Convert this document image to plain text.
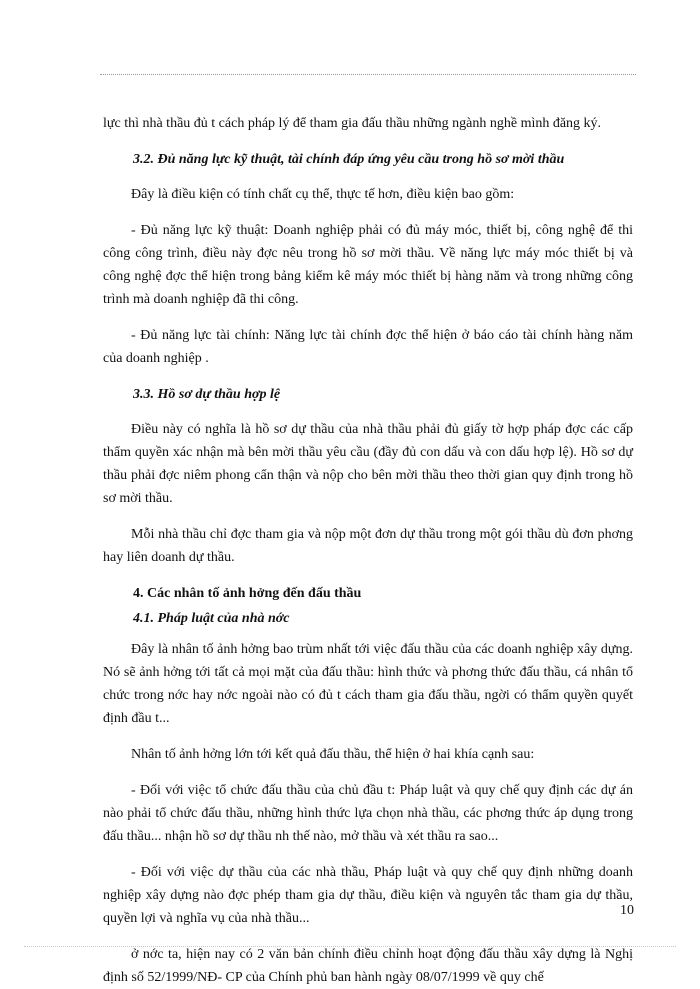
lực thì nhà thầu đủ t cách pháp lý để tham gia đấu thầu những ngành nghề mình đăng ký.

3.2. Đủ năng lực kỹ thuật, tài chính đáp ứng yêu cầu trong hồ sơ mời thầu

Đây là điều kiện có tính chất cụ thể, thực tế hơn, điều kiện bao gồm:

- Đủ năng lực kỹ thuật: Doanh nghiệp phải có đủ máy móc, thiết bị, công nghệ để thi công công trình, điều này đợc nêu trong hồ sơ mời thầu. Về năng lực máy móc thiết bị và công nghệ đợc thể hiện trong bảng kiểm kê máy móc thiết bị hàng năm và trong những công trình mà doanh nghiệp đã thi công.

- Đủ năng lực tài chính: Năng lực tài chính đợc thể hiện ở báo cáo tài chính hàng năm của doanh nghiệp .

3.3. Hồ sơ dự thầu hợp lệ

Điều này có nghĩa là hồ sơ dự thầu của nhà thầu phải đủ giấy tờ hợp pháp đợc các cấp thẩm quyền xác nhận mà bên mời thầu yêu cầu (đầy đủ con dấu và con dấu hợp lệ). Hồ sơ dự thầu phải đợc niêm phong cẩn thận và nộp cho bên mời thầu theo thời gian quy định trong hồ sơ mời thầu.

Mỗi nhà thầu chỉ đợc tham gia và nộp một đơn dự thầu trong một gói thầu dù đơn phơng hay liên doanh dự thầu.

4. Các nhân tố ảnh hởng đến đấu thầu

4.1. Pháp luật của nhà nớc

Đây là nhân tố ảnh hởng bao trùm nhất tới việc đấu thầu của các doanh nghiệp xây dựng. Nó sẽ ảnh hởng tới tất cả mọi mặt của đấu thầu: hình thức và phơng thức đấu thầu, cá nhân tổ chức trong nớc hay nớc ngoài nào có đủ t cách tham gia đấu thầu, ngời có thẩm quyền quyết định đầu t...

Nhân tố ảnh hởng lớn tới kết quả đấu thầu, thể hiện ở hai khía cạnh sau:

- Đối với việc tổ chức đấu thầu của chủ đầu t: Pháp luật và quy chế quy định các dự án nào phải tổ chức đấu thầu, những hình thức lựa chọn nhà thầu, các phơng thức áp dụng trong đấu thầu... nhận hồ sơ dự thầu nh thế nào, mở thầu và xét thầu ra sao...

- Đối với việc dự thầu của các nhà thầu, Pháp luật và quy chế quy định những doanh nghiệp xây dựng nào đợc phép tham gia dự thầu, điều kiện và nguyên tắc tham gia dự thầu, quyền lợi và nghĩa vụ của nhà thầu...

ở nớc ta, hiện nay có 2 văn bản chính điều chỉnh hoạt động đấu thầu xây dựng là Nghị định số 52/1999/NĐ- CP của Chính phủ ban hành ngày 08/07/1999 về quy chế

10
